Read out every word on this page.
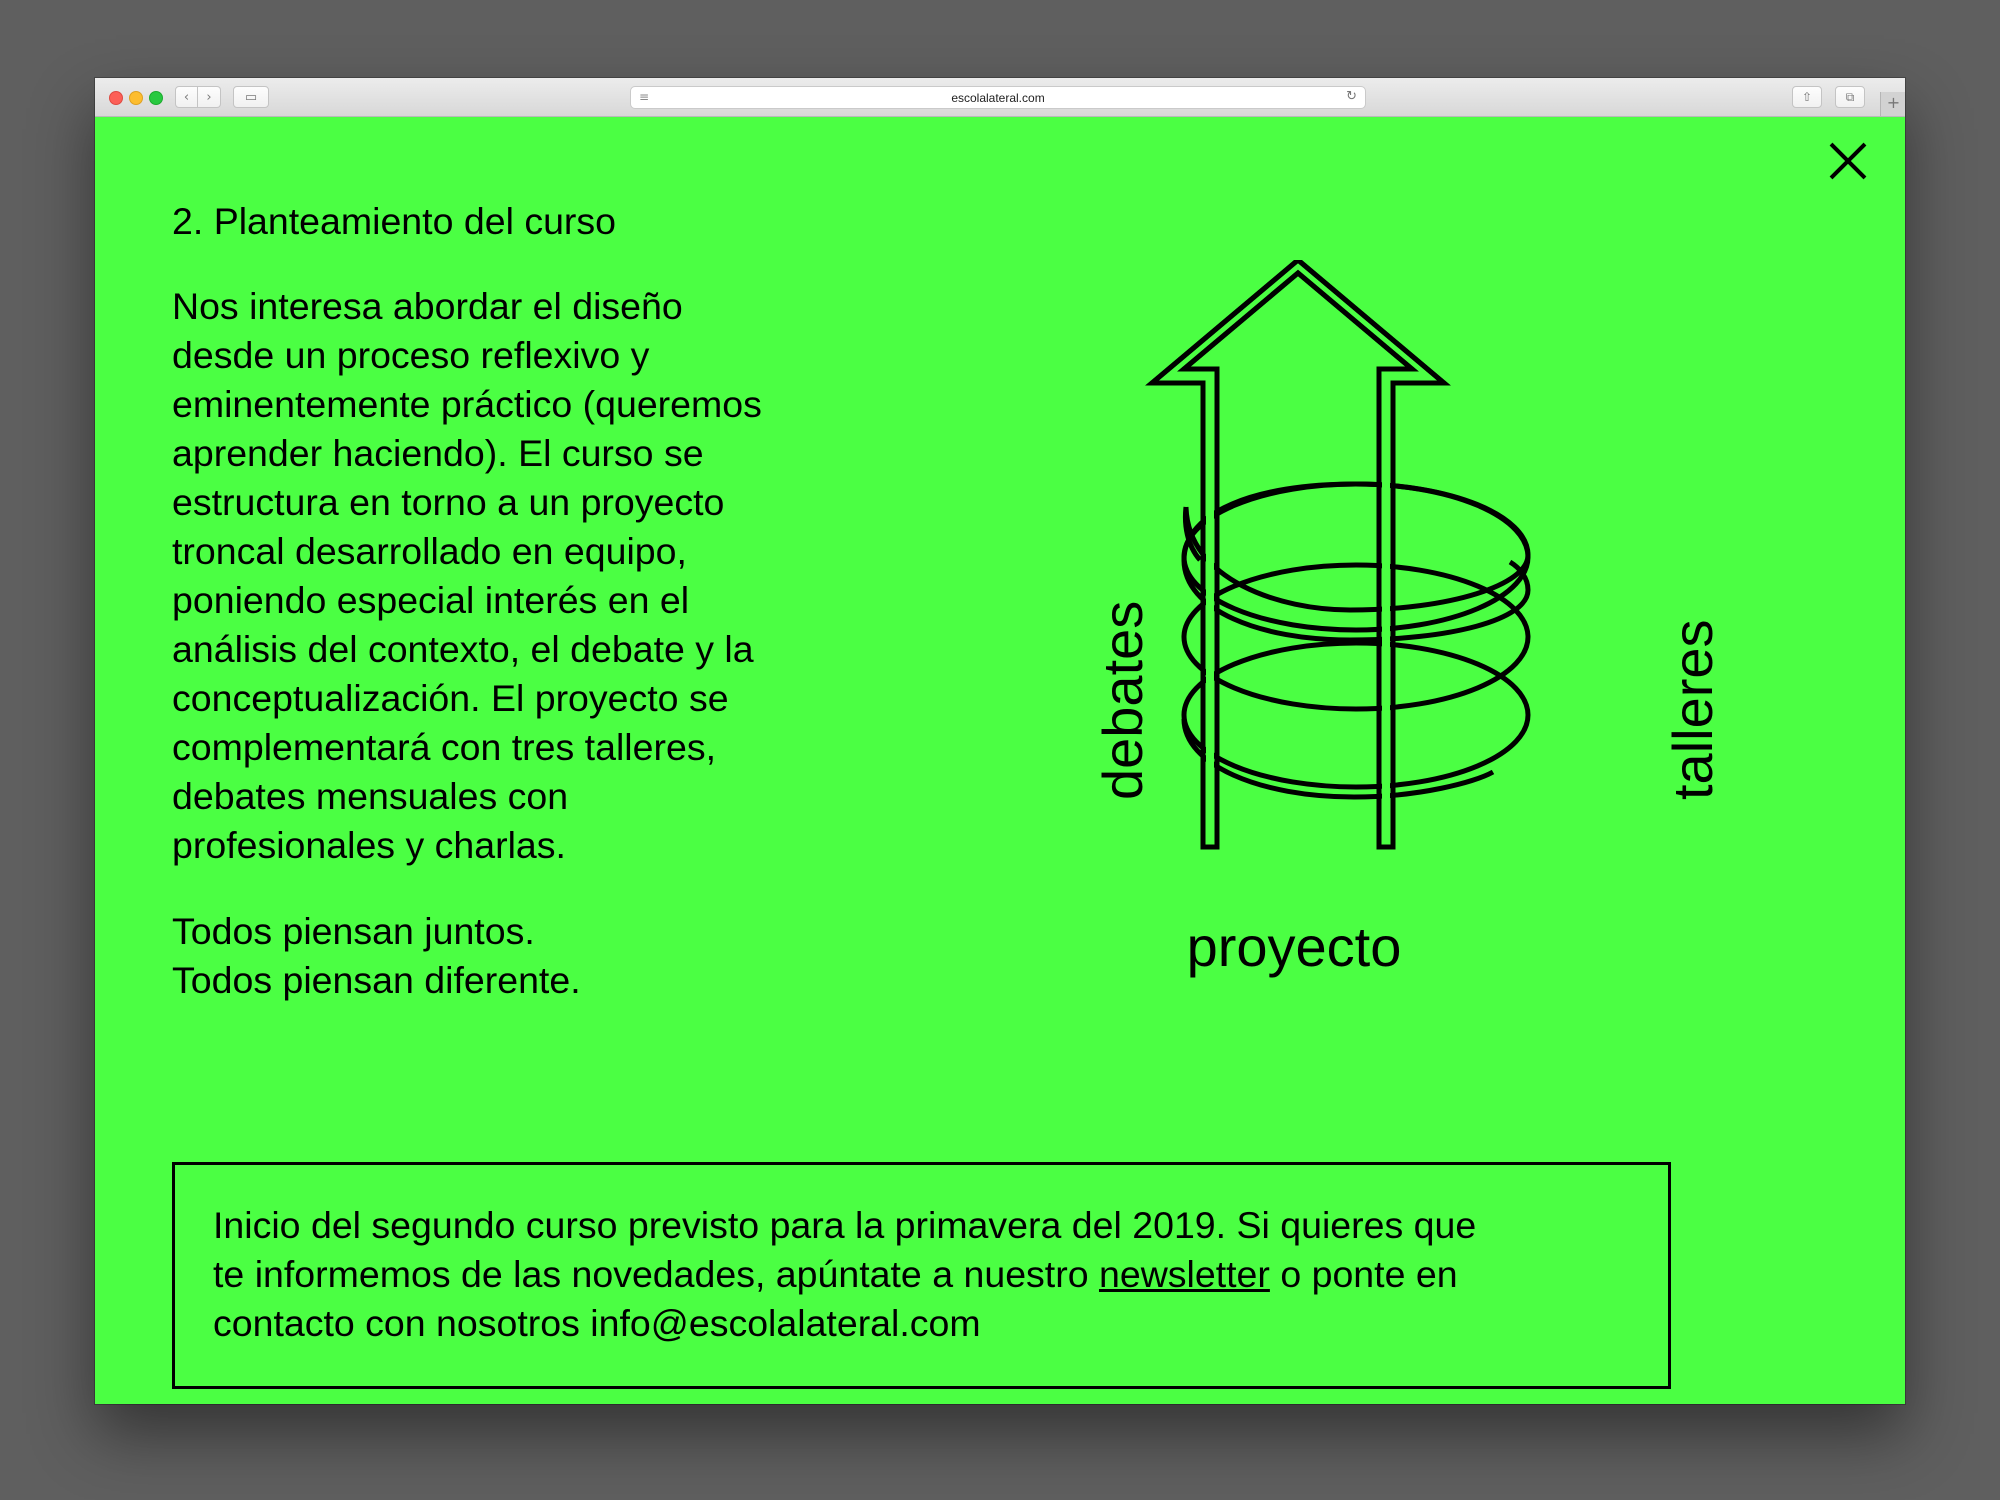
‹	›	▭	≡	escolalateral.com	↻	⇧	⧉	+

2. Planteamiento del curso

Nos interesa abordar el diseño
desde un proceso reflexivo y
eminentemente práctico (queremos
aprender haciendo). El curso se
estructura en torno a un proyecto
troncal desarrollado en equipo,
poniendo especial interés en el
análisis del contexto, el debate y la
conceptualización. El proyecto se
complementará con tres talleres,
debates mensuales con
profesionales y charlas.

Todos piensan juntos.
Todos piensan diferente.

debates	talleres
proyecto
Inicio del segundo curso previsto para la primavera del 2019. Si quieres que
te informemos de las novedades, apúntate a nuestro newsletter o ponte en
contacto con nosotros info@escolalateral.com
